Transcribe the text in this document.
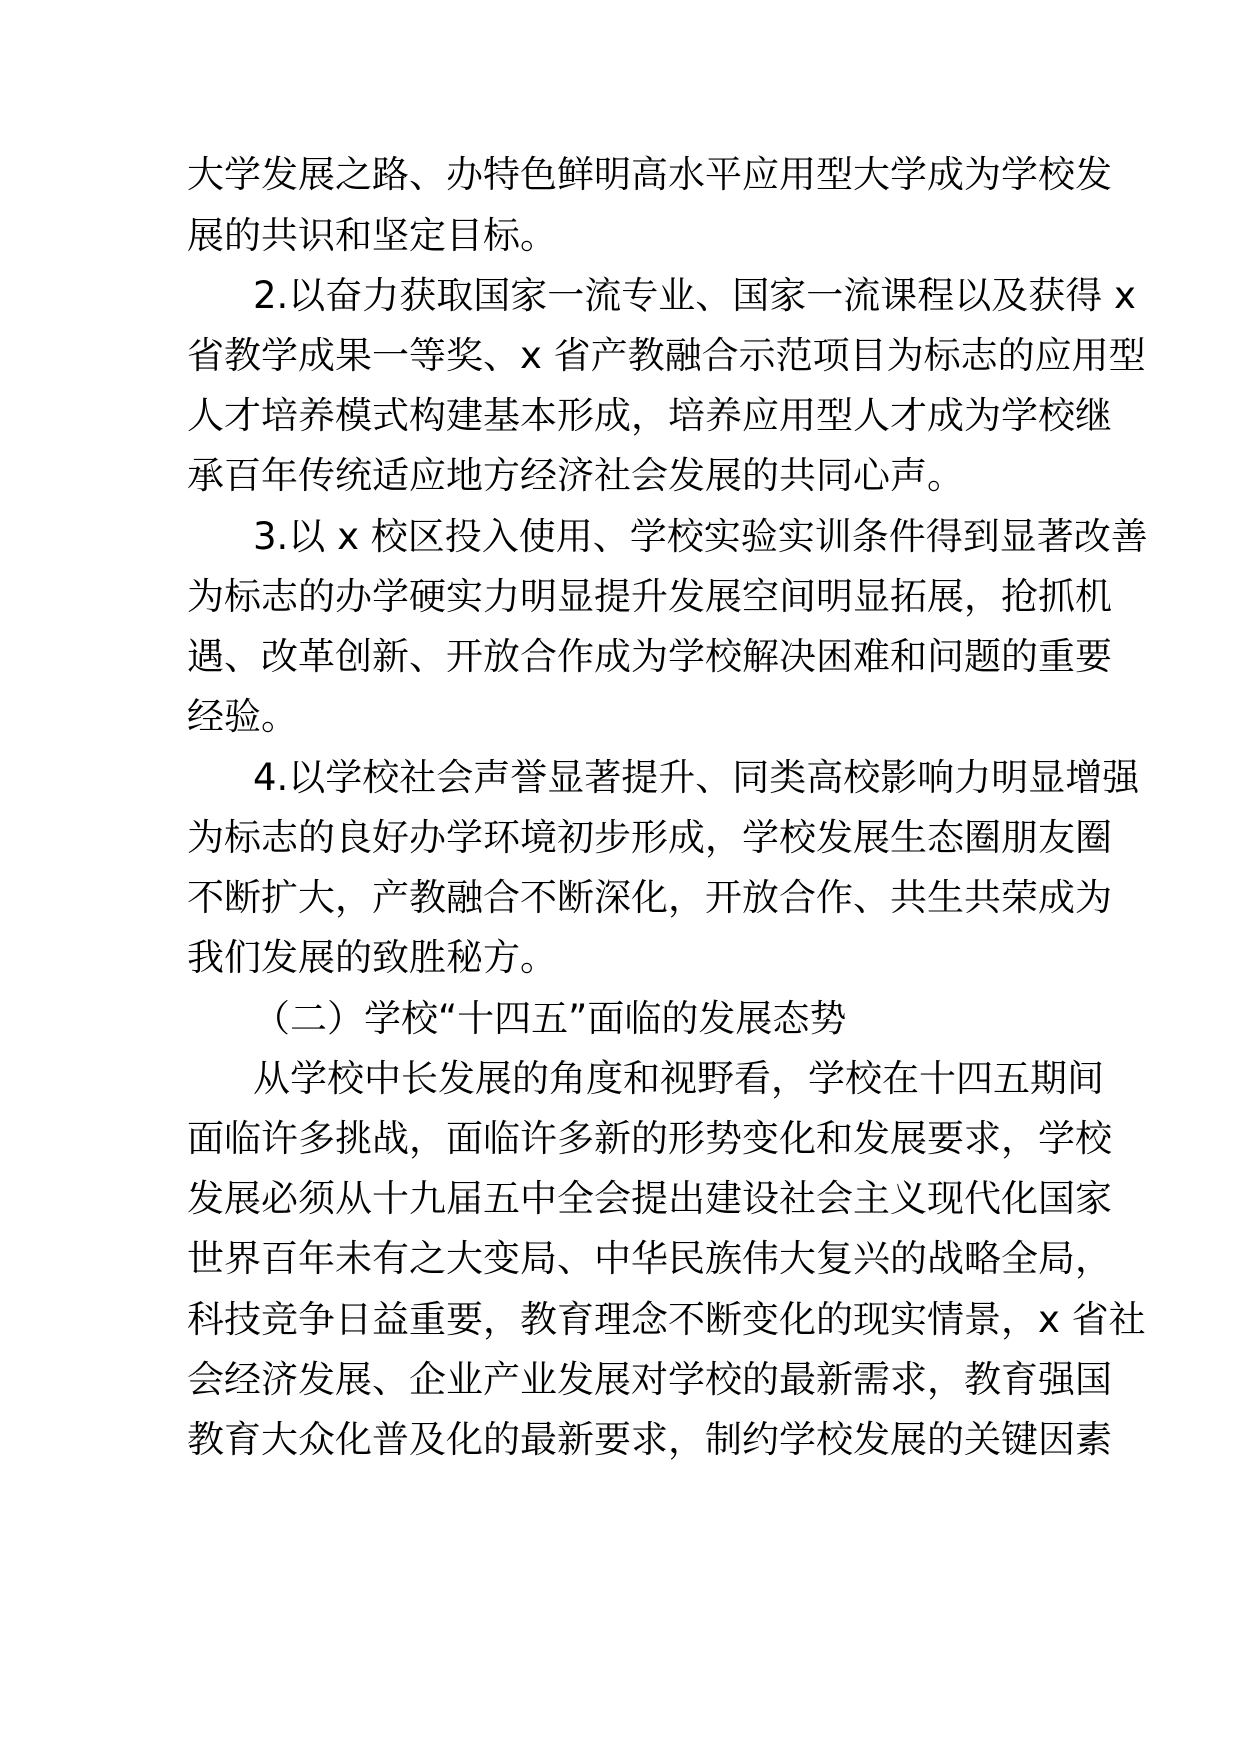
大学发展之路、办特色鲜明高水平应用型大学成为学校发

展的共识和坚定目标。

2.以奋力获取国家一流专业、国家一流课程以及获得 x

省教学成果一等奖、x 省产教融合示范项目为标志的应用型

人才培养模式构建基本形成，培养应用型人才成为学校继

承百年传统适应地方经济社会发展的共同心声。

3.以 x 校区投入使用、学校实验实训条件得到显著改善

为标志的办学硬实力明显提升发展空间明显拓展，抢抓机

遇、改革创新、开放合作成为学校解决困难和问题的重要

经验。

4.以学校社会声誉显著提升、同类高校影响力明显增强

为标志的良好办学环境初步形成，学校发展生态圈朋友圈

不断扩大，产教融合不断深化，开放合作、共生共荣成为

我们发展的致胜秘方。

（二）学校“十四五”面临的发展态势

从学校中长发展的角度和视野看，学校在十四五期间

面临许多挑战，面临许多新的形势变化和发展要求，学校

发展必须从十九届五中全会提出建设社会主义现代化国家

世界百年未有之大变局、中华民族伟大复兴的战略全局，

科技竞争日益重要，教育理念不断变化的现实情景，x 省社

会经济发展、企业产业发展对学校的最新需求，教育强国

教育大众化普及化的最新要求，制约学校发展的关键因素
